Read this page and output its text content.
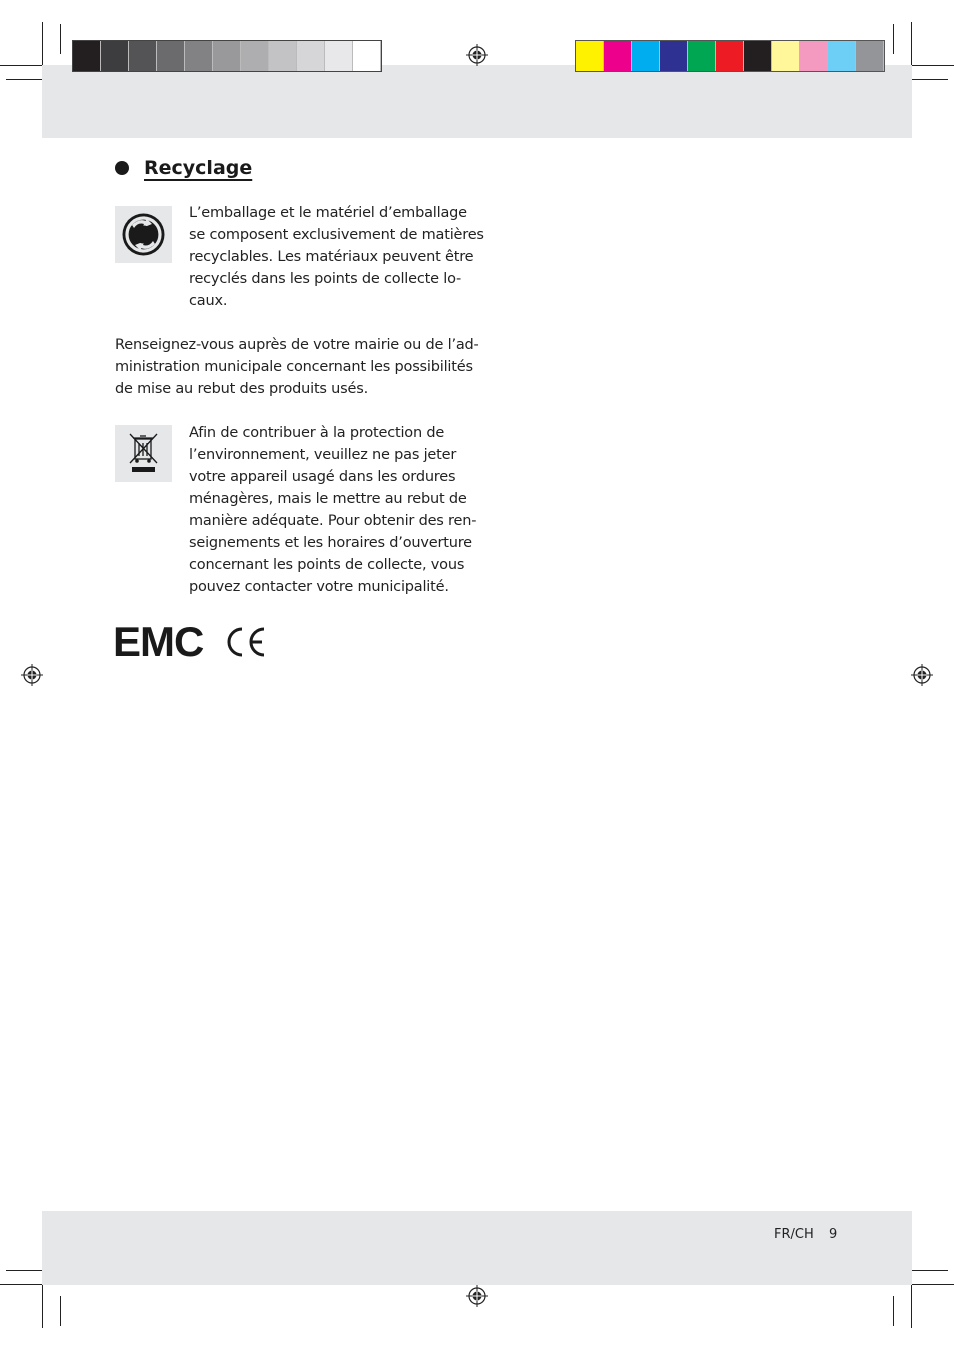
Recyclage

L’emballage et le matériel d’emballage
se composent exclusivement de matières
recyclables. Les matériaux peuvent être
recyclés dans les points de collecte lo-
caux.

Renseignez-vous auprès de votre mairie ou de l’ad-
ministration municipale concernant les possibilités
de mise au rebut des produits usés.

Afin de contribuer à la protection de
l’environnement, veuillez ne pas jeter
votre appareil usagé dans les ordures
ménagères, mais le mettre au rebut de
manière adéquate. Pour obtenir des ren-
seignements et les horaires d’ouverture
concernant les points de collecte, vous
pouvez contacter votre municipalité.

EMC
FR/CH 9
